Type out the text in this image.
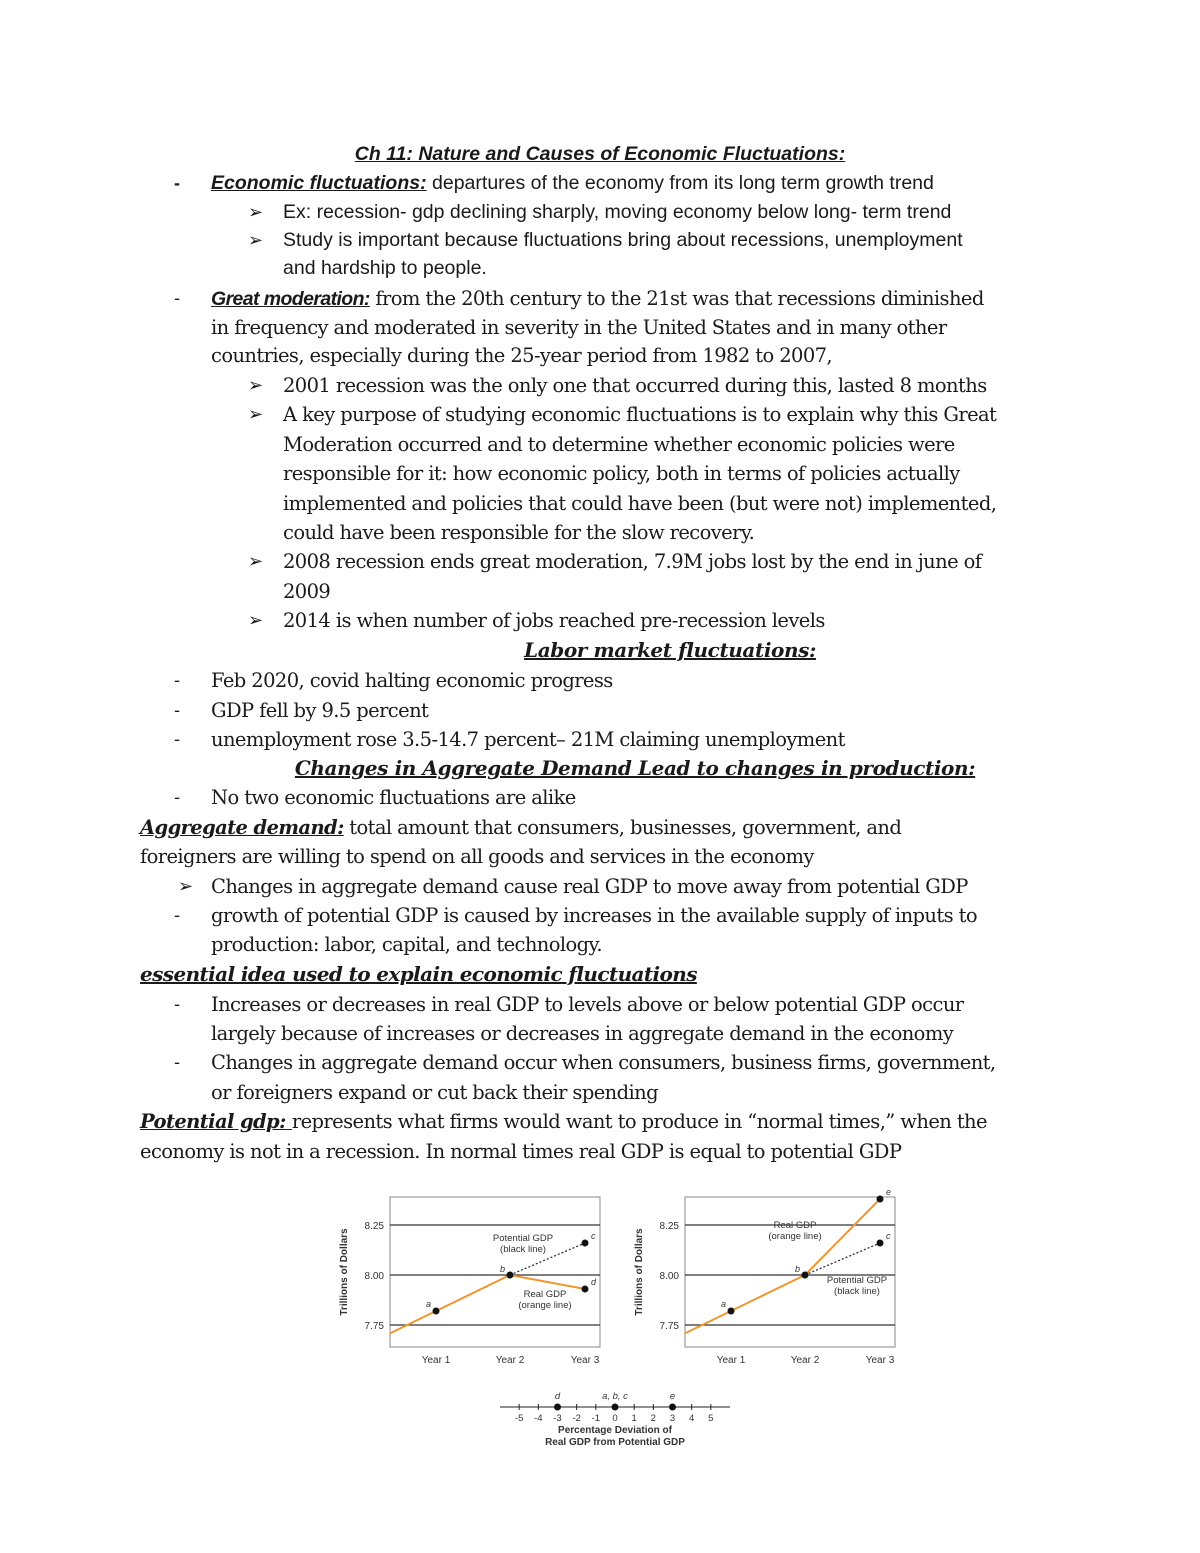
Ch 11: Nature and Causes of Economic Fluctuations:
- Economic fluctuations: departures of the economy from its long term growth trend
➢ Ex: recession- gdp declining sharply, moving economy below long- term trend
➢ Study is important because fluctuations bring about recessions, unemployment
and hardship to people.
- Great moderation: from the 20th century to the 21st was that recessions diminished
in frequency and moderated in severity in the United States and in many other
countries, especially during the 25-year period from 1982 to 2007,
➢ 2001 recession was the only one that occurred during this, lasted 8 months
➢ A key purpose of studying economic fluctuations is to explain why this Great
Moderation occurred and to determine whether economic policies were
responsible for it: how economic policy, both in terms of policies actually
implemented and policies that could have been (but were not) implemented,
could have been responsible for the slow recovery.
➢ 2008 recession ends great moderation, 7.9M jobs lost by the end in june of
2009
➢ 2014 is when number of jobs reached pre-recession levels
Labor market fluctuations:
- Feb 2020, covid halting economic progress
- GDP fell by 9.5 percent
- unemployment rose 3.5-14.7 percent– 21M claiming unemployment
Changes in Aggregate Demand Lead to changes in production:
- No two economic fluctuations are alike
Aggregate demand: total amount that consumers, businesses, government, and
foreigners are willing to spend on all goods and services in the economy
➢ Changes in aggregate demand cause real GDP to move away from potential GDP
- growth of potential GDP is caused by increases in the available supply of inputs to
production: labor, capital, and technology.
essential idea used to explain economic fluctuations
- Increases or decreases in real GDP to levels above or below potential GDP occur
largely because of increases or decreases in aggregate demand in the economy
- Changes in aggregate demand occur when consumers, business firms, government,
or foreigners expand or cut back their spending
Potential gdp: represents what firms would want to produce in “normal times,” when the
economy is not in a recession. In normal times real GDP is equal to potential GDP
7.75
8.00
8.25
Year 1	Year 2	Year 3
Trillions of Dollars	a
b
d
c
Potential GDP
(black line)
Real GDP
(orange line)
7.75
8.00
8.25
Year 1	Year 2	Year 3
Trillions of Dollars	a
b
e
c
Potential GDP
(black line)
Real GDP
(orange line)
-5 -4 -3 -2 -1 0 1 2 3 4 5
d	a, b, c	e
Percentage Deviation of
Real GDP from Potential GDP
